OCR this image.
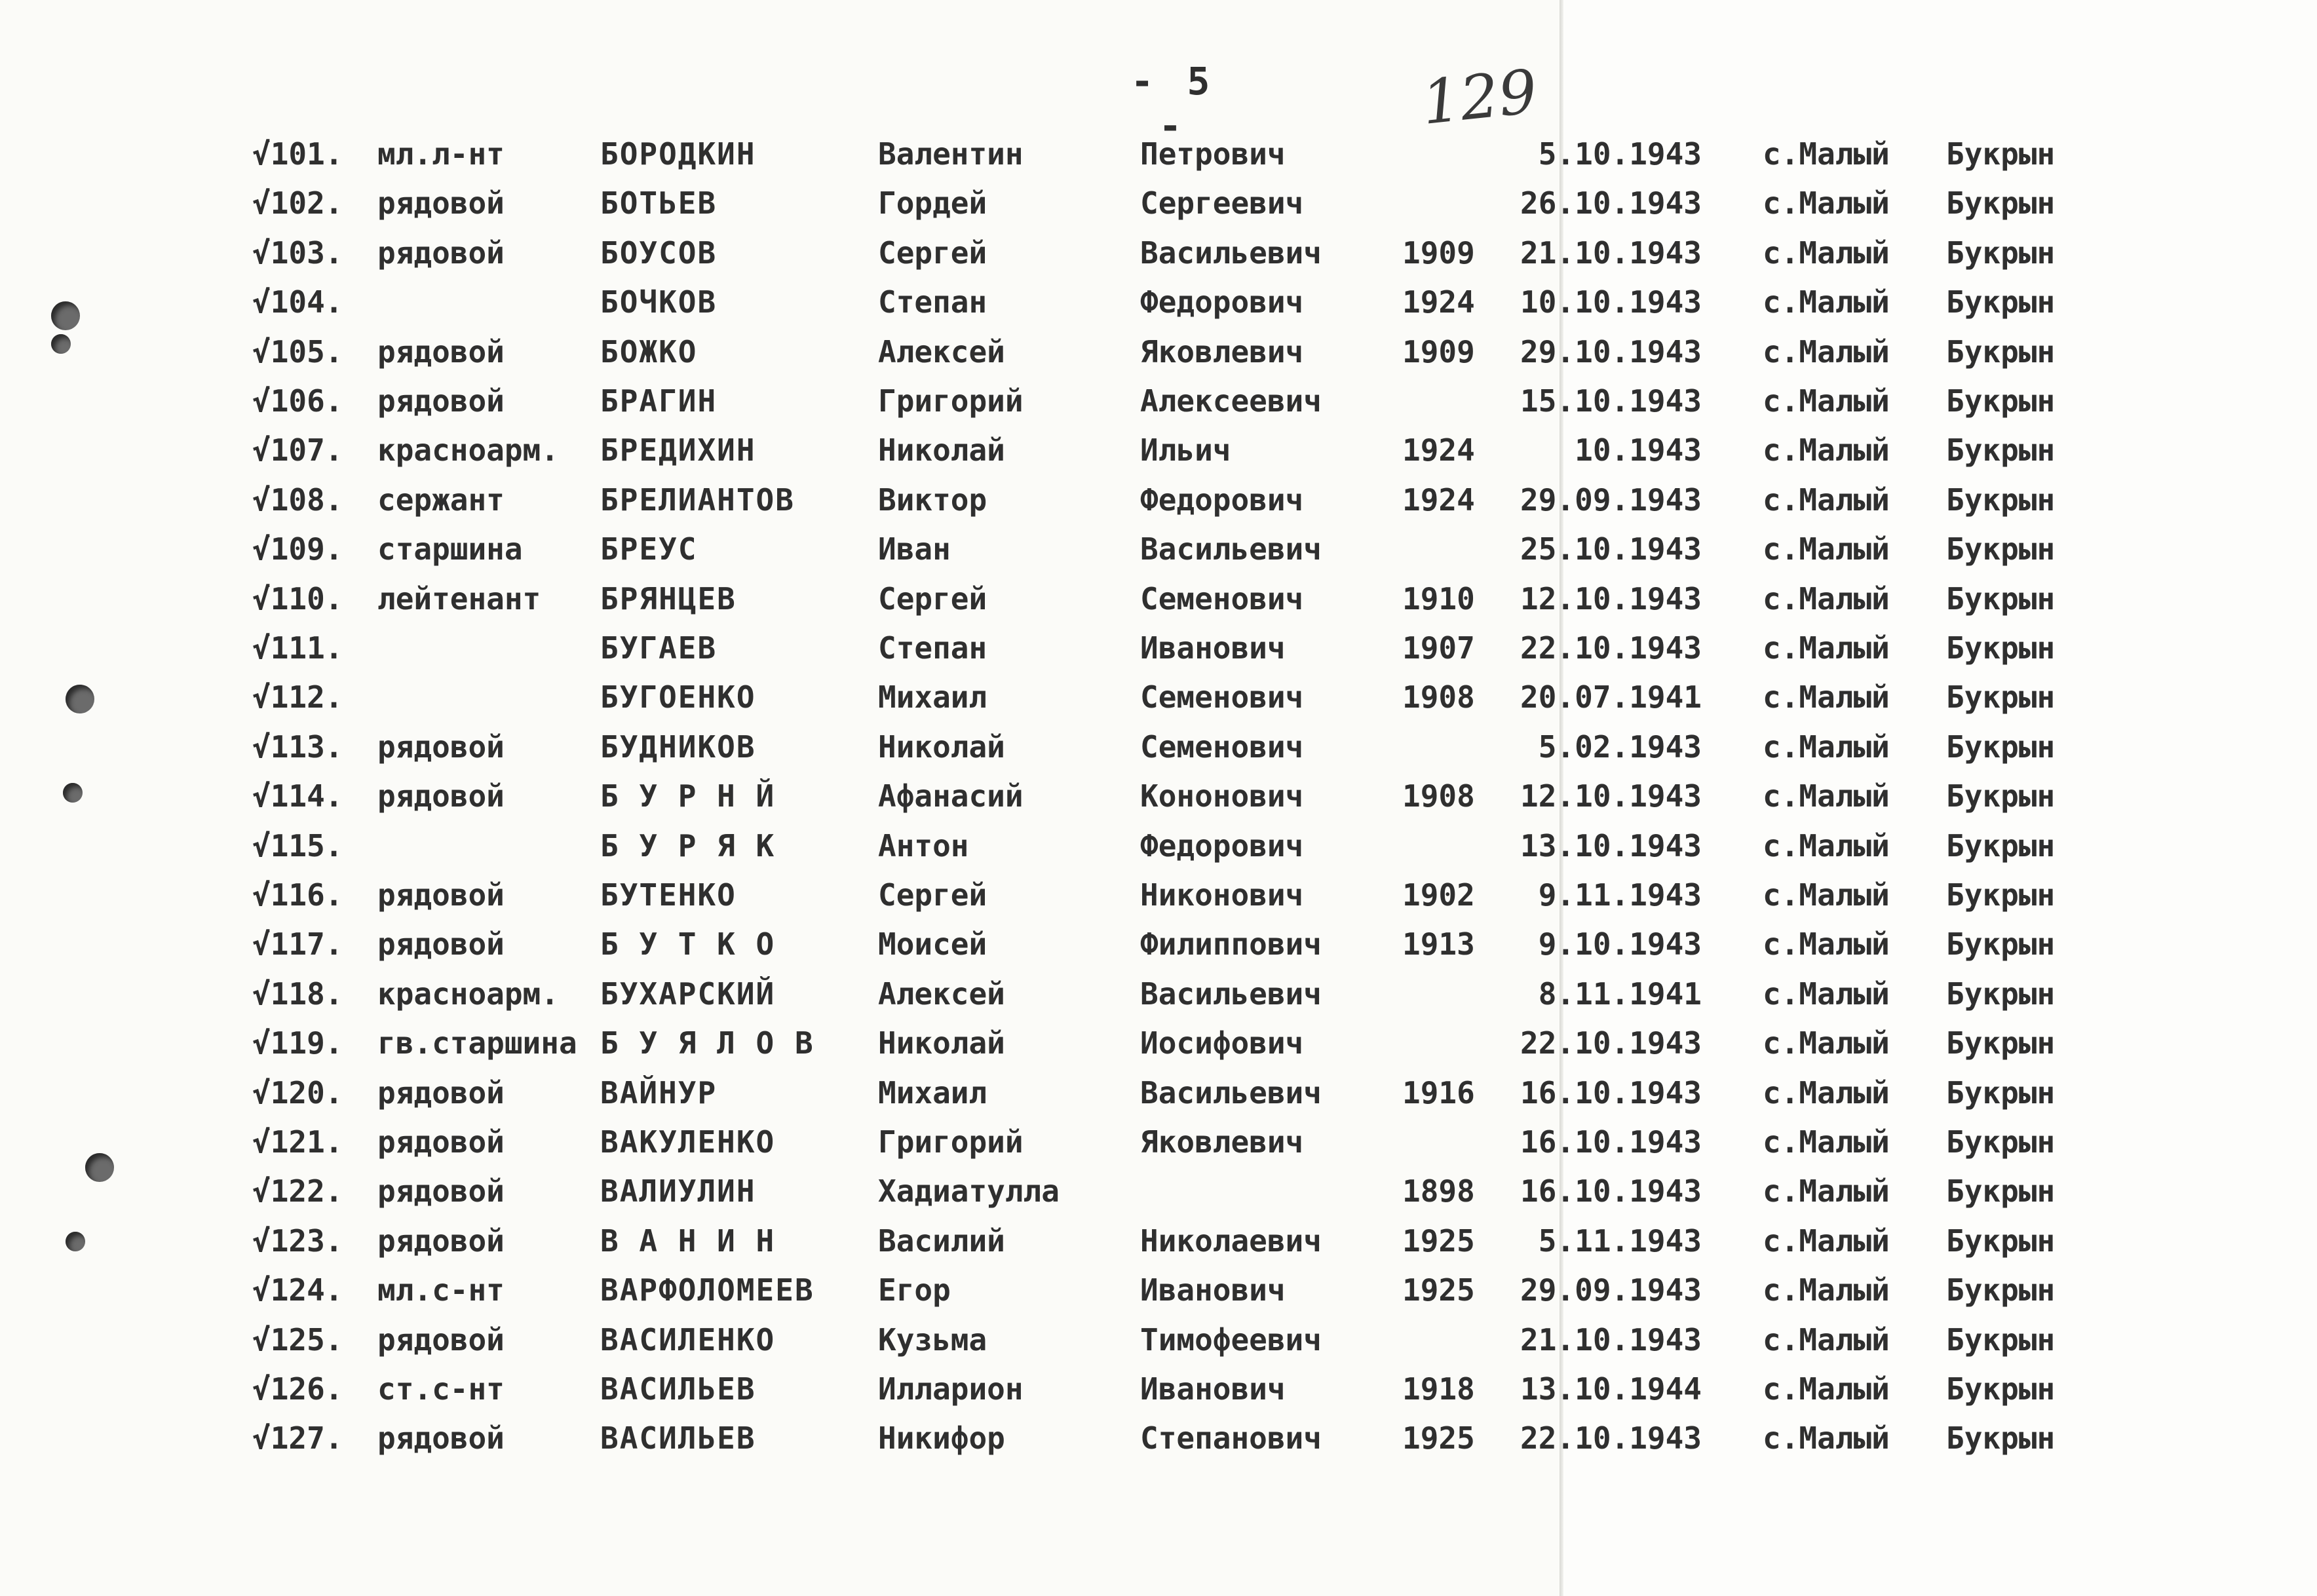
- 5 -	129
√101. мл.л-нт	БОРОДКИН	Валентин	Петрович	5.10.1943 с.Малый Букрын
√102. рядовой	БОТЬЕВ	Гордей	Сергеевич	26.10.1943 с.Малый Букрын
√103. рядовой	БОУСОВ	Сергей	Васильевич	1909	21.10.1943 с.Малый Букрын
√104.	БОЧКОВ	Степан	Федорович	1924	10.10.1943 с.Малый Букрын
√105. рядовой	БОЖКО	Алексей	Яковлевич	1909	29.10.1943 с.Малый Букрын
√106. рядовой	БРАГИН	Григорий	Алексеевич	15.10.1943 с.Малый Букрын
√107. красноарм. БРЕДИХИН	Николай	Ильич	1924	10.1943 с.Малый Букрын
√108. сержант	БРЕЛИАНТОВ	Виктор	Федорович	1924	29.09.1943 с.Малый Букрын
√109. старшина	БРЕУС	Иван	Васильевич	25.10.1943 с.Малый Букрын
√110. лейтенант БРЯНЦЕВ	Сергей	Семенович	1910	12.10.1943 с.Малый Букрын
√111.	БУГАЕВ	Степан	Иванович	1907	22.10.1943 с.Малый Букрын
√112.	БУГОЕНКО	Михаил	Семенович	1908	20.07.1941 с.Малый Букрын
√113. рядовой	БУДНИКОВ	Николай	Семенович	5.02.1943 с.Малый Букрын
√114. рядовой	Б У Р Н Й	Афанасий	Кононович	1908	12.10.1943 с.Малый Букрын
√115.	Б У Р Я К	Антон	Федорович	13.10.1943 с.Малый Букрын
√116. рядовой	БУТЕНКО	Сергей	Никонович	1902	9.11.1943 с.Малый Букрын
√117. рядовой	Б У Т К О	Моисей	Филиппович	1913	9.10.1943 с.Малый Букрын
√118. красноарм. БУХАРСКИЙ	Алексей	Васильевич	8.11.1941 с.Малый Букрын
√119. гв.старшина Б У Я Л О В Николай	Иосифович	22.10.1943 с.Малый Букрын
√120. рядовой	ВАЙНУР	Михаил	Васильевич	1916	16.10.1943 с.Малый Букрын
√121. рядовой	ВАКУЛЕНКО	Григорий	Яковлевич	16.10.1943 с.Малый Букрын
√122. рядовой	ВАЛИУЛИН	Хадиатулла	1898	16.10.1943 с.Малый Букрын
√123. рядовой	В А Н И Н	Василий	Николаевич	1925	5.11.1943 с.Малый Букрын
√124. мл.с-нт	ВАРФОЛОМЕЕВ Егор	Иванович	1925	29.09.1943 с.Малый Букрын
√125. рядовой	ВАСИЛЕНКО	Кузьма	Тимофеевич	21.10.1943 с.Малый Букрын
√126. ст.с-нт	ВАСИЛЬЕВ	Илларион	Иванович	1918	13.10.1944 с.Малый Букрын
√127. рядовой	ВАСИЛЬЕВ	Никифор	Степанович	1925	22.10.1943 с.Малый Букрын
